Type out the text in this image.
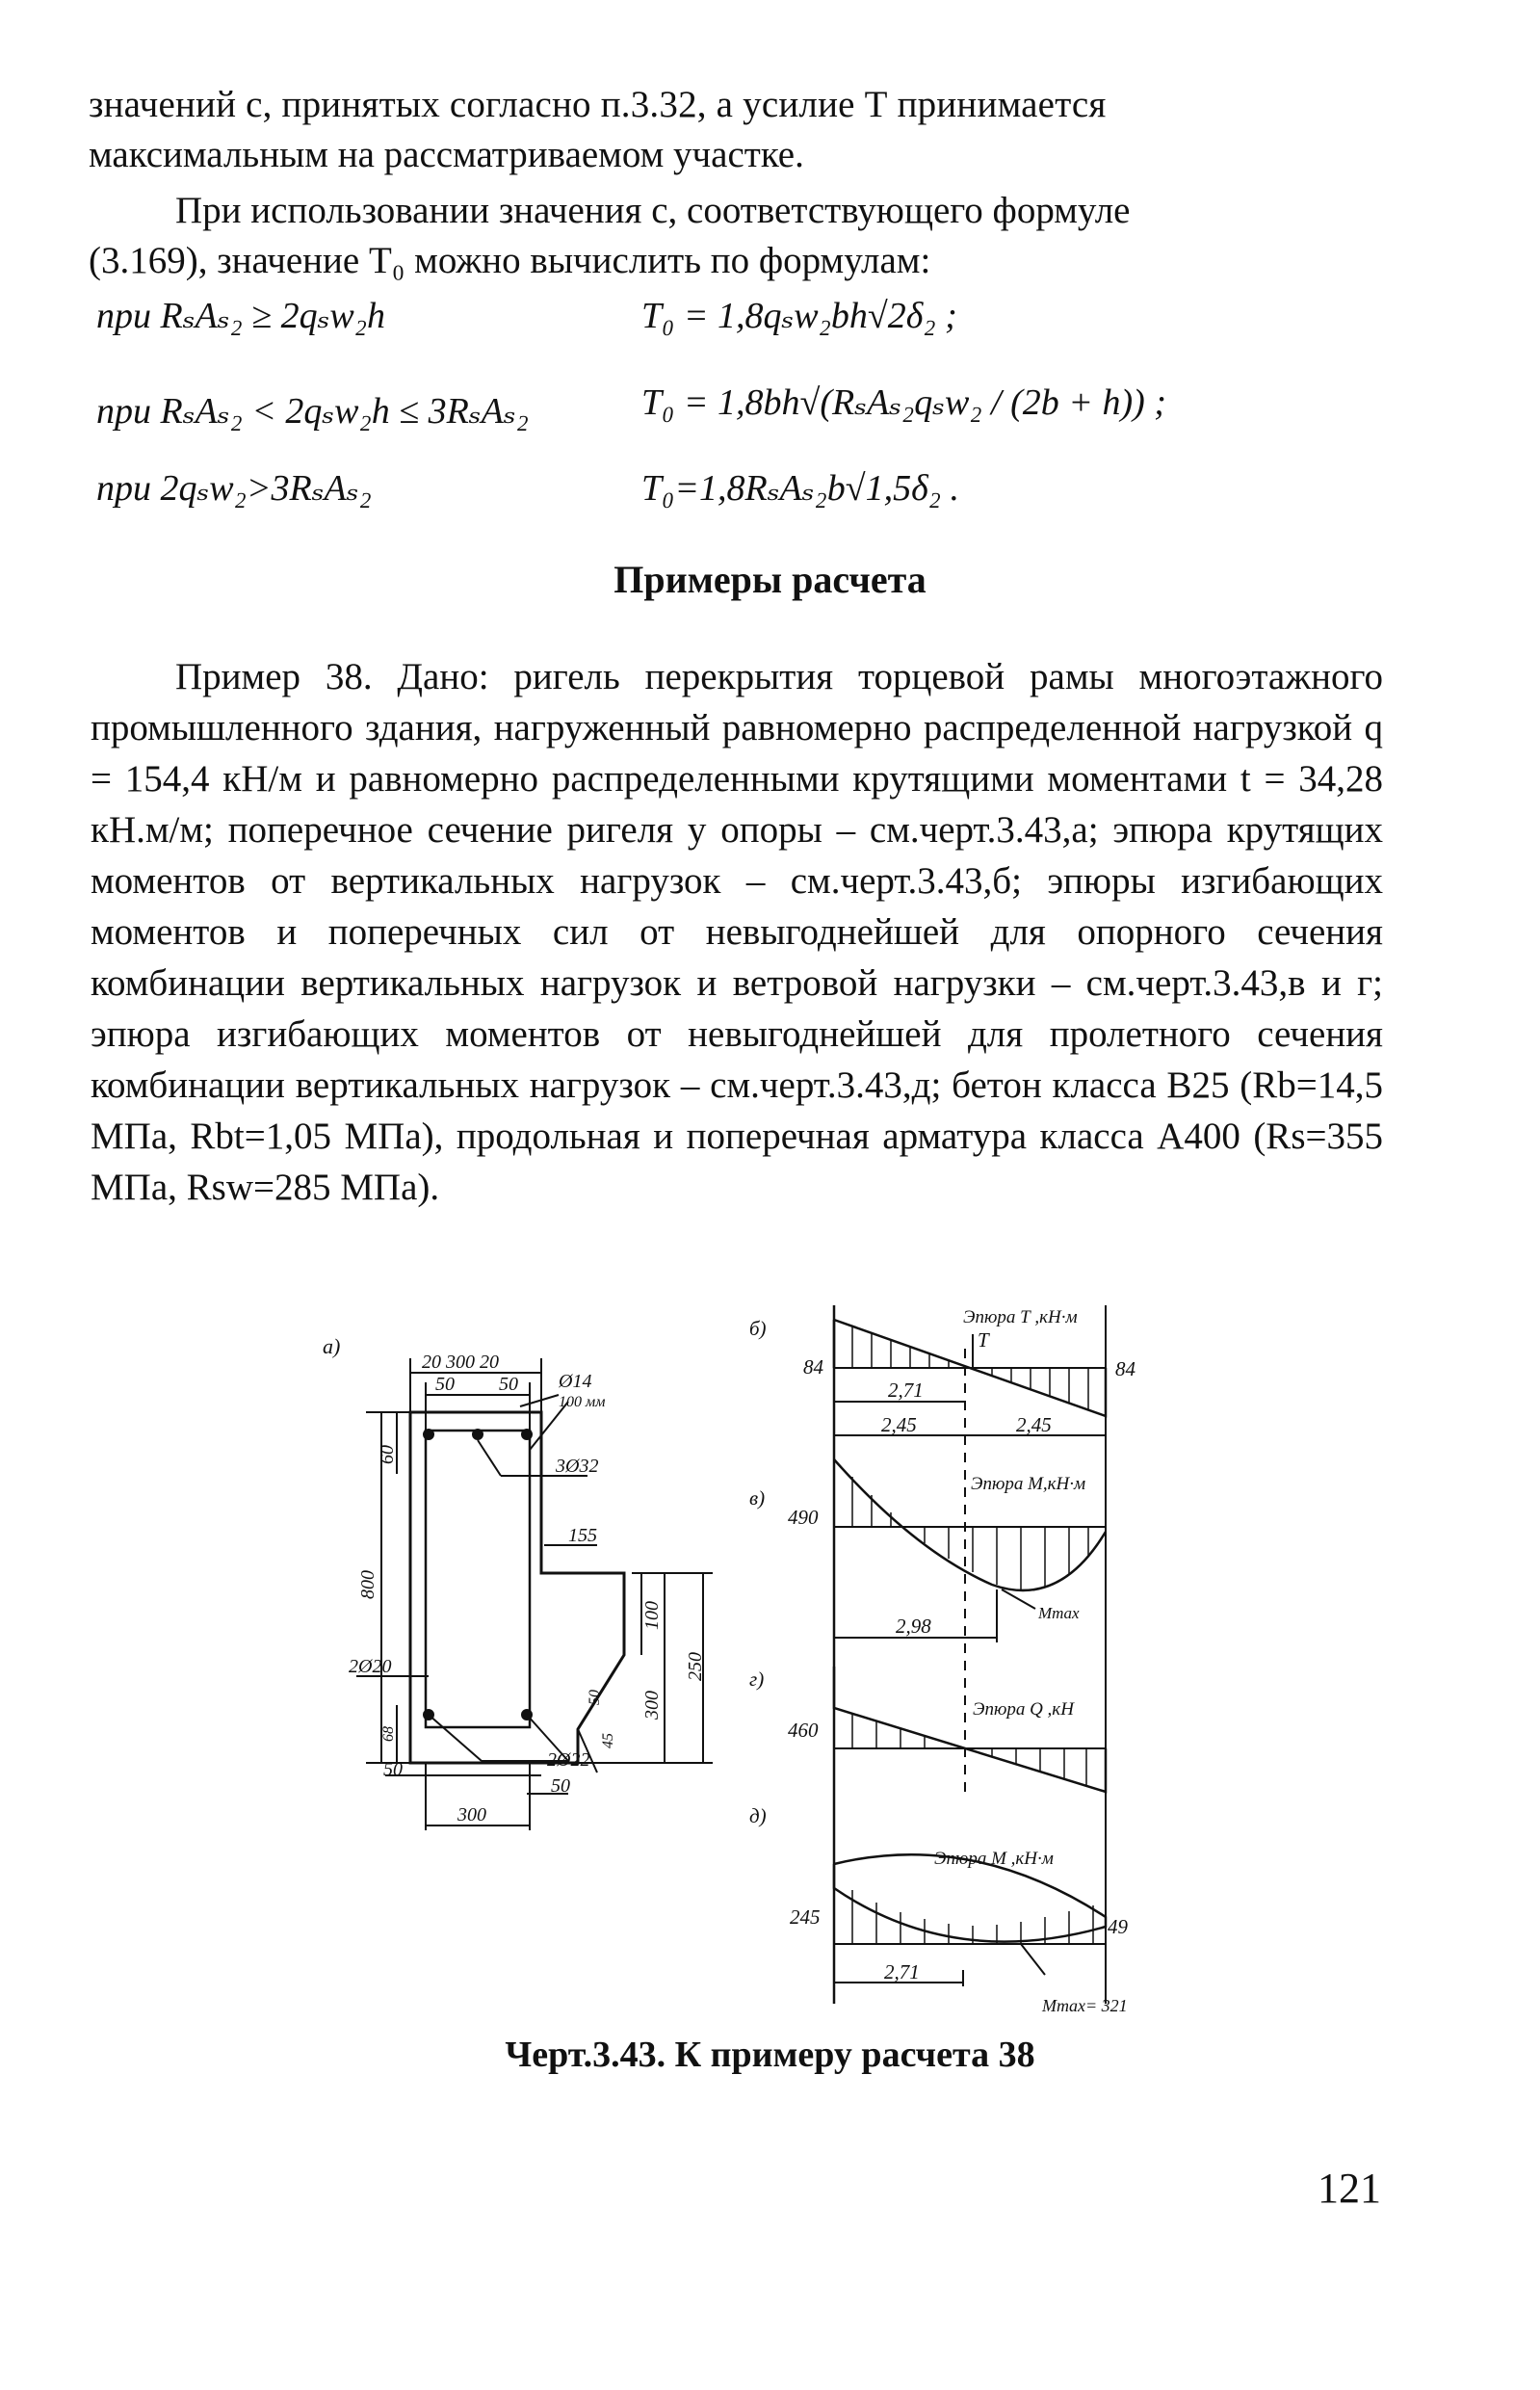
значений с, принятых согласно п.3.32, а усилие Т принимается
максимальным на рассматриваемом участке.
При использовании значения с, соответствующего формуле
(3.169), значение T₀ можно вычислить по формулам:
при RₛAₛ₂ ≥ 2qₛw₂h	T₀ = 1,8qₛw₂bh√2δ₂ ;
при RₛAₛ₂ < 2qₛw₂h ≤ 3RₛAₛ₂	T₀ = 1,8bh√(RₛAₛ₂qₛw₂ / (2b + h)) ;
при 2qₛw₂>3RₛAₛ₂	T₀=1,8RₛAₛ₂b√1,5δ₂ .
Примеры расчета
Пример 38. Дано: ригель перекрытия торцевой рамы многоэтажного промышленного здания, нагруженный равномерно распределенной нагрузкой q = 154,4 кН/м и равномерно распределенными крутящими моментами t = 34,28 кН.м/м; поперечное сечение ригеля у опоры – см.черт.3.43,а; эпюра крутящих моментов от вертикальных нагрузок – см.черт.3.43,б; эпюры изгибающих моментов и поперечных сил от невыгоднейшей для опорного сечения комбинации вертикальных нагрузок и ветровой нагрузки – см.черт.3.43,в и г; эпюра изгибающих моментов от невыгоднейшей для пролетного сечения комбинации вертикальных нагрузок – см.черт.3.43,д; бетон класса В25 (Rb=14,5 МПа, Rbt=1,05 МПа), продольная и поперечная арматура класса А400 (Rs=355 МПа, Rsw=285 МПа).
а)
20 300 20
50 50 Ø14
100 мм
3Ø32
155
60
800
100
250
300
45
50
2Ø20
68
50
50
2Ø22
300
б)	Эпюра Т ,кН·м
Т
84	84
2,71
2,45	2,45
в)
Эпюра М,кН·м
490
2,98
Mmax
г)
Эпюра Q ,кН
460
д)
Эпюра М ,кН·м
245	49
2,71
Mmax= 321
Черт.3.43. К примеру расчета 38
121
